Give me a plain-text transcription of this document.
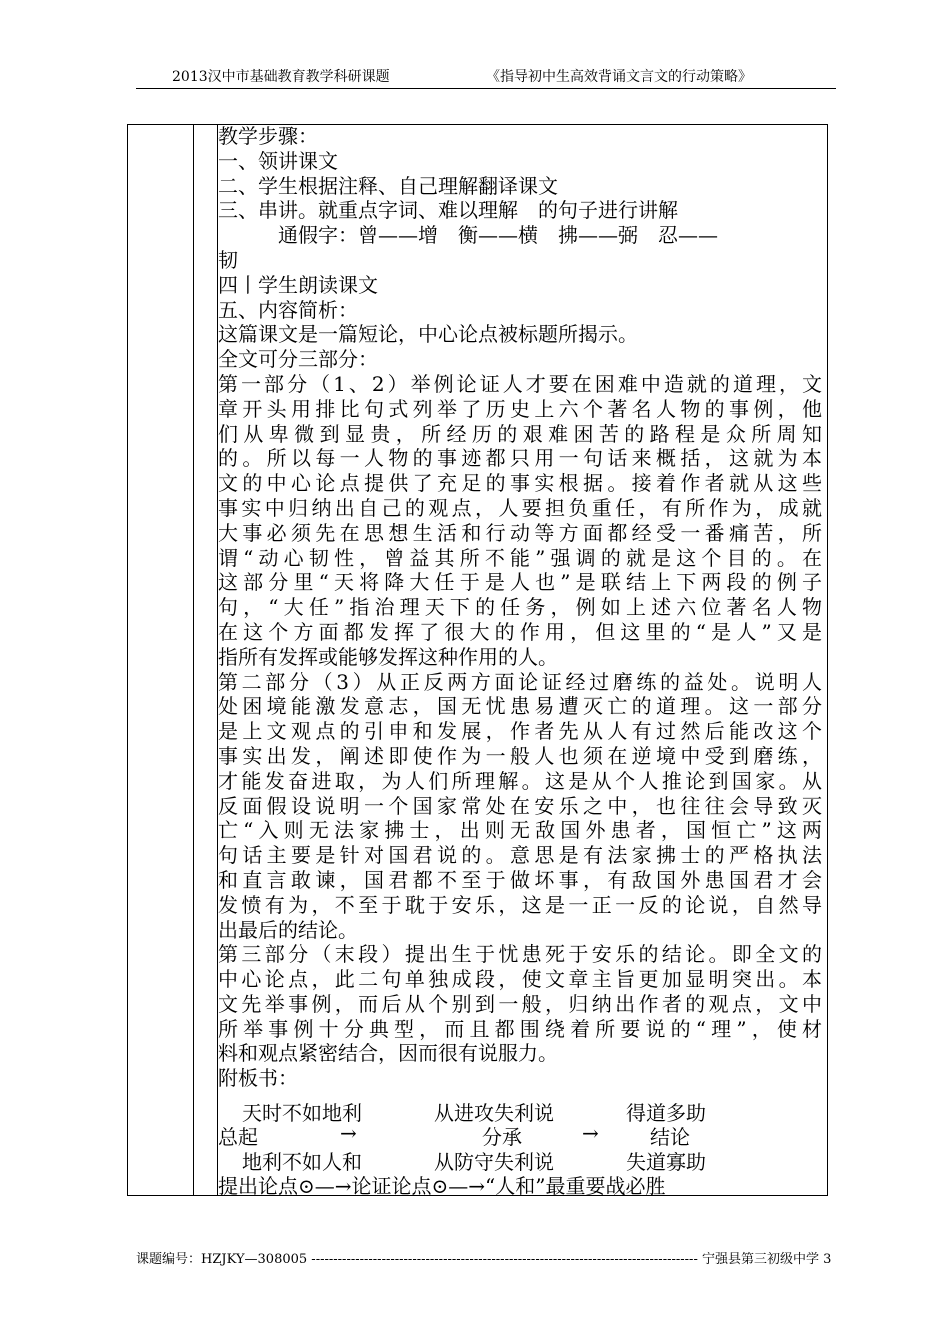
2013汉中市基础教育教学科研课题	《指导初中生高效背诵文言文的行动策略》
教学步骤：
一、领讲课文
二、学生根据注释、自己理解翻译课文
三、串讲。就重点字词、难以理解　的句子进行讲解
　　　通假字：曾——增　衡——横　拂——弼　忍——
韧
四丨学生朗读课文
五、内容简析：
这篇课文是一篇短论，中心论点被标题所揭示。
全文可分三部分：
第一部分（1、2）举例论证人才要在困难中造就的道理，文
章开头用排比句式列举了历史上六个著名人物的事例，他
们从卑微到显贵，所经历的艰难困苦的路程是众所周知
的。所以每一人物的事迹都只用一句话来概括，这就为本
文的中心论点提供了充足的事实根据。接着作者就从这些
事实中归纳出自己的观点，人要担负重任，有所作为，成就
大事必须先在思想生活和行动等方面都经受一番痛苦，所
谓“动心韧性，曾益其所不能”强调的就是这个目的。在
这部分里“天将降大任于是人也”是联结上下两段的例子
句，“大任”指治理天下的任务，例如上述六位著名人物
在这个方面都发挥了很大的作用，但这里的“是人”又是
指所有发挥或能够发挥这种作用的人。
第二部分（3）从正反两方面论证经过磨练的益处。说明人
处困境能激发意志，国无忧患易遭灭亡的道理。这一部分
是上文观点的引申和发展，作者先从人有过然后能改这个
事实出发，阐述即使作为一般人也须在逆境中受到磨练，
才能发奋进取，为人们所理解。这是从个人推论到国家。从
反面假设说明一个国家常处在安乐之中，也往往会导致灭
亡“入则无法家拂士，出则无敌国外患者，国恒亡”这两
句话主要是针对国君说的。意思是有法家拂士的严格执法
和直言敢谏，国君都不至于做坏事，有敌国外患国君才会
发愤有为，不至于耽于安乐，这是一正一反的论说，自然导
出最后的结论。
第三部分（末段）提出生于忧患死于安乐的结论。即全文的
中心论点，此二句单独成段，使文章主旨更加显明突出。本
文先举事例，而后从个别到一般，归纳出作者的观点，文中
所举事例十分典型，而且都围绕着所要说的“理”，使材
料和观点紧密结合，因而很有说服力。
附板书：
天时不如地利	从进攻失利说	得道多助
总起	→	分承	→	结论
地利不如人和	从防守失利说	失道寡助
提出论点⊙—→论证论点⊙—→“人和”最重要战必胜
课题编号：HZJKY—308005 ---------------------------------------------------------------------------------------- 宁强县第三初级中学 3
